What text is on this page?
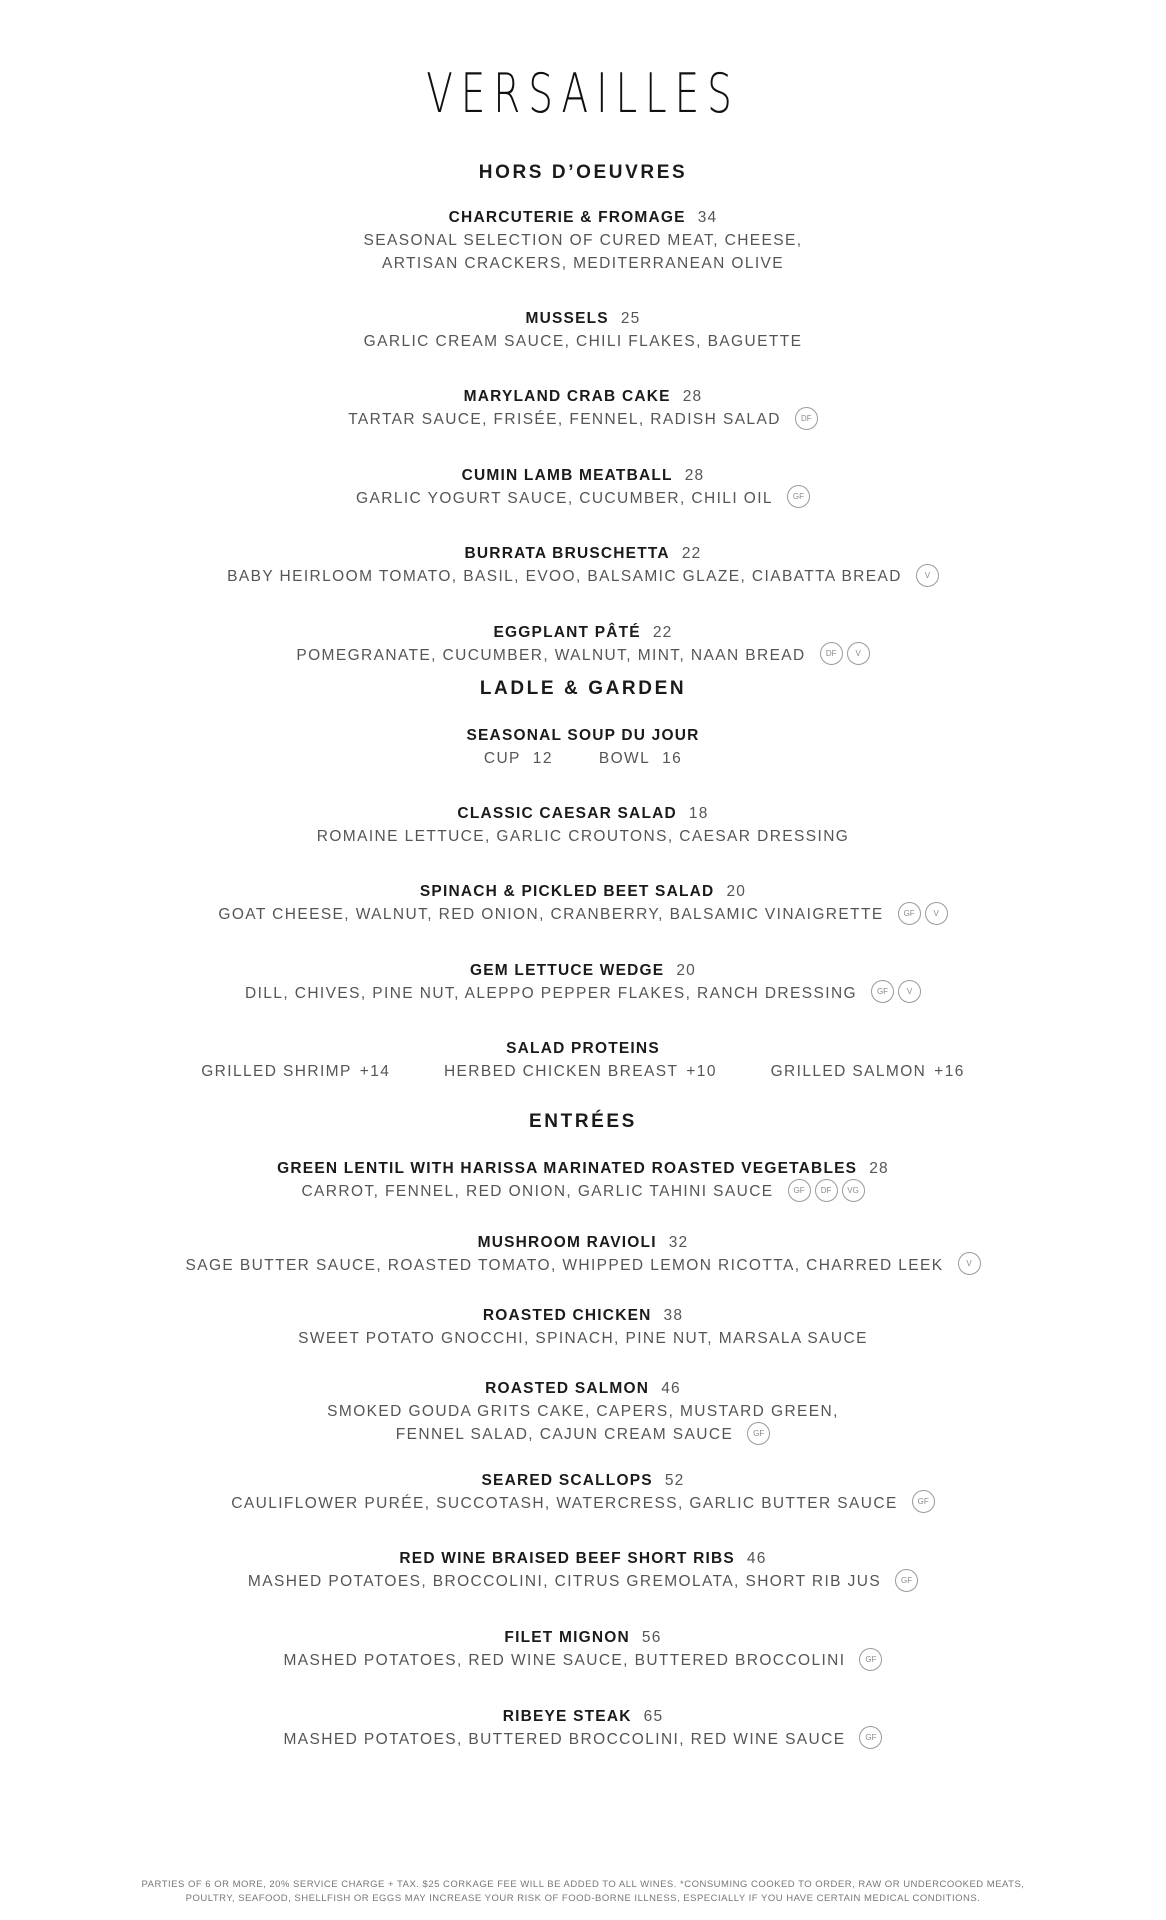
VERSAILLES
HORS D’OEUVRES
CHARCUTERIE & FROMAGE 34
SEASONAL SELECTION OF CURED MEAT, CHEESE,
ARTISAN CRACKERS, MEDITERRANEAN OLIVE
MUSSELS 25
GARLIC CREAM SAUCE, CHILI FLAKES, BAGUETTE
MARYLAND CRAB CAKE 28
TARTAR SAUCE, FRISÉE, FENNEL, RADISH SALAD	DF
CUMIN LAMB MEATBALL 28
GARLIC YOGURT SAUCE, CUCUMBER, CHILI OIL GF
BURRATA BRUSCHETTA 22
BABY HEIRLOOM TOMATO, BASIL, EVOO, BALSAMIC GLAZE, CIABATTA BREAD	V
EGGPLANT PÂTÉ 22
POMEGRANATE, CUCUMBER, WALNUT, MINT, NAAN BREAD	DF V
LADLE & GARDEN
SEASONAL SOUP DU JOUR
CUP 12	BOWL 16
CLASSIC CAESAR SALAD 18
ROMAINE LETTUCE, GARLIC CROUTONS, CAESAR DRESSING
SPINACH & PICKLED BEET SALAD 20
GOAT CHEESE, WALNUT, RED ONION, CRANBERRY, BALSAMIC VINAIGRETTE GF V
GEM LETTUCE WEDGE 20
DILL, CHIVES, PINE NUT, ALEPPO PEPPER FLAKES, RANCH DRESSING GF V
SALAD PROTEINS
GRILLED SHRIMP +14	HERBED CHICKEN BREAST +10	GRILLED SALMON +16
ENTRÉES
GREEN LENTIL WITH HARISSA MARINATED ROASTED VEGETABLES 28
CARROT, FENNEL, RED ONION, GARLIC TAHINI SAUCE GF DF VG
MUSHROOM RAVIOLI 32
SAGE BUTTER SAUCE, ROASTED TOMATO, WHIPPED LEMON RICOTTA, CHARRED LEEK	V
ROASTED CHICKEN 38
SWEET POTATO GNOCCHI, SPINACH, PINE NUT, MARSALA SAUCE
ROASTED SALMON 46
SMOKED GOUDA GRITS CAKE, CAPERS, MUSTARD GREEN,
FENNEL SALAD, CAJUN CREAM SAUCE GF
SEARED SCALLOPS 52
CAULIFLOWER PURÉE, SUCCOTASH, WATERCRESS, GARLIC BUTTER SAUCE GF
RED WINE BRAISED BEEF SHORT RIBS 46
MASHED POTATOES, BROCCOLINI, CITRUS GREMOLATA, SHORT RIB JUS GF
FILET MIGNON 56
MASHED POTATOES, RED WINE SAUCE, BUTTERED BROCCOLINI GF
RIBEYE STEAK 65
MASHED POTATOES, BUTTERED BROCCOLINI, RED WINE SAUCE GF
PARTIES OF 6 OR MORE, 20% SERVICE CHARGE + TAX. $25 CORKAGE FEE WILL BE ADDED TO ALL WINES. *CONSUMING COOKED TO ORDER, RAW OR UNDERCOOKED MEATS,
POULTRY, SEAFOOD, SHELLFISH OR EGGS MAY INCREASE YOUR RISK OF FOOD-BORNE ILLNESS, ESPECIALLY IF YOU HAVE CERTAIN MEDICAL CONDITIONS.
